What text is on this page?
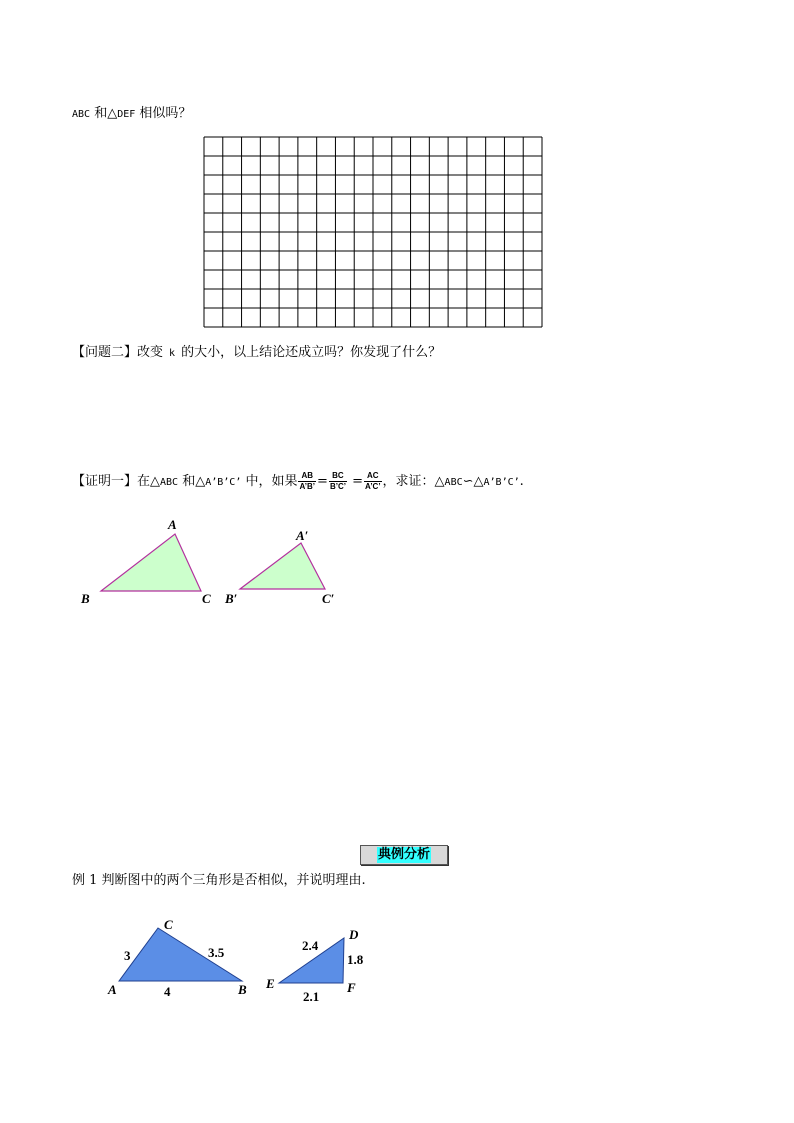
ABC 和△DEF 相似吗？
【问题二】改变 k 的大小，以上结论还成立吗？你发现了什么？
【证明一】在△ABC 和△A’B’C’ 中，如果 $\frac{AB}{A’B’} = \frac{BC}{B’C’} = \frac{AC}{A’C’}$ ，求证：△ABC∽△A’B’C’.
A
B	C
A′
B′	C′
典例分析
例 1 判断图中的两个三角形是否相似，并说明理由.
C
A	B
3
4
3.5
D
E	F
2.4
1.8
2.1
